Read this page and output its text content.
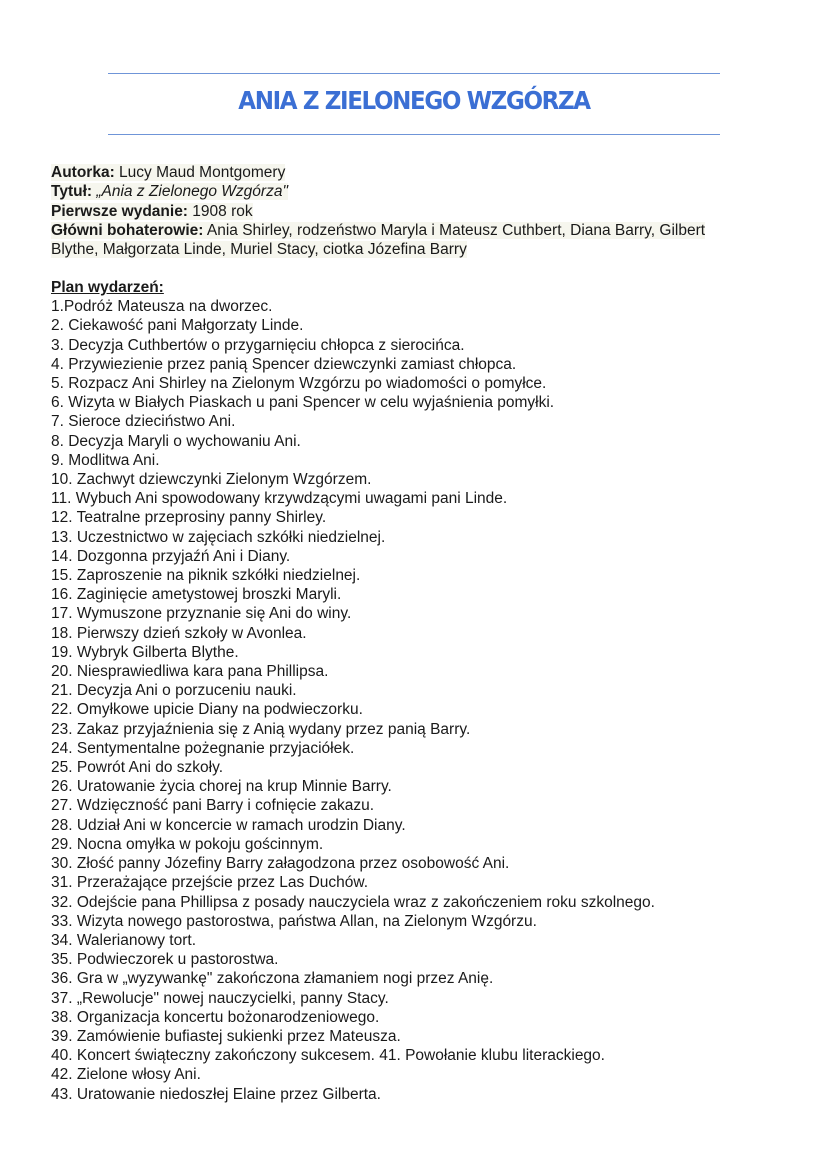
ANIA Z ZIELONEGO WZGÓRZA
Autorka: Lucy Maud Montgomery
Tytuł: „Ania z Zielonego Wzgórza"
Pierwsze wydanie: 1908 rok
Główni bohaterowie: Ania Shirley, rodzeństwo Maryla i Mateusz Cuthbert, Diana Barry, Gilbert
Blythe, Małgorzata Linde, Muriel Stacy, ciotka Józefina Barry
Plan wydarzeń:
1.Podróż Mateusza na dworzec.
2. Ciekawość pani Małgorzaty Linde.
3. Decyzja Cuthbertów o przygarnięciu chłopca z sierocińca.
4. Przywiezienie przez panią Spencer dziewczynki zamiast chłopca.
5. Rozpacz Ani Shirley na Zielonym Wzgórzu po wiadomości o pomyłce.
6. Wizyta w Białych Piaskach u pani Spencer w celu wyjaśnienia pomyłki.
7. Sieroce dzieciństwo Ani.
8. Decyzja Maryli o wychowaniu Ani.
9. Modlitwa Ani.
10. Zachwyt dziewczynki Zielonym Wzgórzem.
11. Wybuch Ani spowodowany krzywdzącymi uwagami pani Linde.
12. Teatralne przeprosiny panny Shirley.
13. Uczestnictwo w zajęciach szkółki niedzielnej.
14. Dozgonna przyjaźń Ani i Diany.
15. Zaproszenie na piknik szkółki niedzielnej.
16. Zaginięcie ametystowej broszki Maryli.
17. Wymuszone przyznanie się Ani do winy.
18. Pierwszy dzień szkoły w Avonlea.
19. Wybryk Gilberta Blythe.
20. Niesprawiedliwa kara pana Phillipsa.
21. Decyzja Ani o porzuceniu nauki.
22. Omyłkowe upicie Diany na podwieczorku.
23. Zakaz przyjaźnienia się z Anią wydany przez panią Barry.
24. Sentymentalne pożegnanie przyjaciółek.
25. Powrót Ani do szkoły.
26. Uratowanie życia chorej na krup Minnie Barry.
27. Wdzięczność pani Barry i cofnięcie zakazu.
28. Udział Ani w koncercie w ramach urodzin Diany.
29. Nocna omyłka w pokoju gościnnym.
30. Złość panny Józefiny Barry załagodzona przez osobowość Ani.
31. Przerażające przejście przez Las Duchów.
32. Odejście pana Phillipsa z posady nauczyciela wraz z zakończeniem roku szkolnego.
33. Wizyta nowego pastorostwa, państwa Allan, na Zielonym Wzgórzu.
34. Walerianowy tort.
35. Podwieczorek u pastorostwa.
36. Gra w „wyzywankę" zakończona złamaniem nogi przez Anię.
37. „Rewolucje" nowej nauczycielki, panny Stacy.
38. Organizacja koncertu bożonarodzeniowego.
39. Zamówienie bufiastej sukienki przez Mateusza.
40. Koncert świąteczny zakończony sukcesem. 41. Powołanie klubu literackiego.
42. Zielone włosy Ani.
43. Uratowanie niedoszłej Elaine przez Gilberta.
